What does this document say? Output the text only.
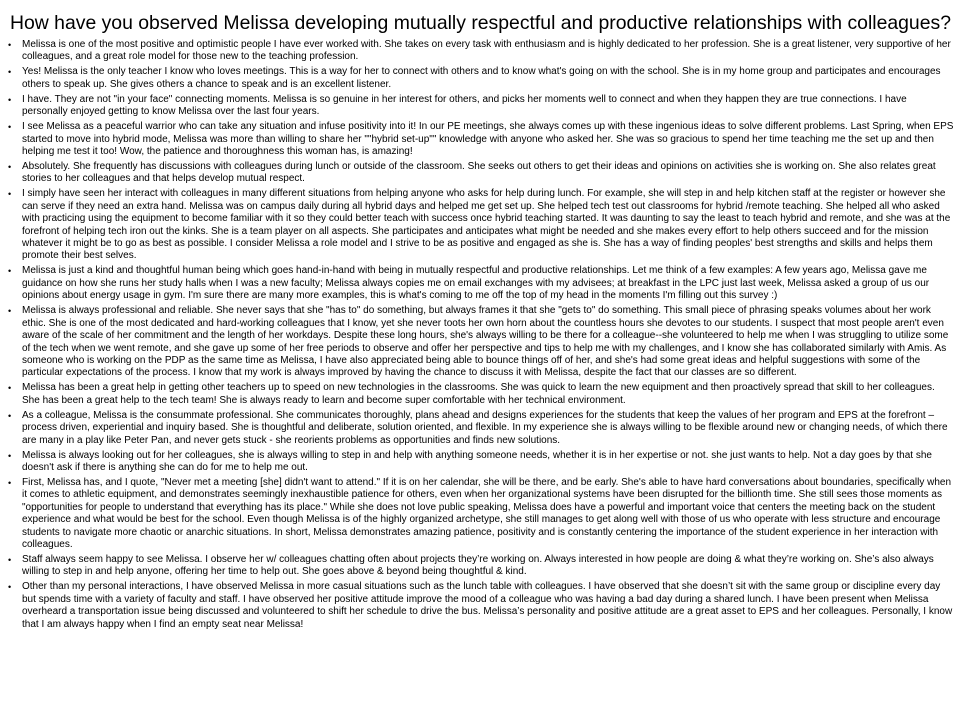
How have you observed Melissa developing mutually respectful and productive relationships with colleagues?
• Melissa is one of the most positive and optimistic people I have ever worked with. She takes on every task with enthusiasm and is highly dedicated to her profession. She is a great listener, very supportive of her colleagues, and a great role model for those new to the teaching profession.
• Yes! Melissa is the only teacher I know who loves meetings. This is a way for her to connect with others and to know what's going on with the school. She is in my home group and participates and encourages others to speak up. She gives others a chance to speak and is an excellent listener.
• I have. They are not "in your face" connecting moments. Melissa is so genuine in her interest for others, and picks her moments well to connect and when they happen they are true connections. I have personally enjoyed getting to know Melissa over the last four years.
• I see Melissa as a peaceful warrior who can take any situation and infuse positivity into it! In our PE meetings, she always comes up with these ingenious ideas to solve different problems. Last Spring, when EPS started to move into hybrid mode, Melissa was more than willing to share her ""hybrid set-up"" knowledge with anyone who asked her. She was so gracious to spend her time teaching me the set up and then helping me test it too! Wow, the patience and thoroughness this woman has, is amazing!
• Absolutely. She frequently has discussions with colleagues during lunch or outside of the classroom. She seeks out others to get their ideas and opinions on activities she is working on. She also relates great stories to her colleagues and that helps develop mutual respect.
• I simply have seen her interact with colleagues in many different situations from helping anyone who asks for help during lunch. For example, she will step in and help kitchen staff at the register or however she can serve if they need an extra hand. Melissa was on campus daily during all hybrid days and helped me get set up. She helped tech test out classrooms for hybrid /remote teaching. She helped all who asked with practicing using the equipment to become familiar with it so they could better teach with success once hybrid teaching started. It was daunting to say the least to teach hybrid and remote, and she was at the forefront of helping tech iron out the kinks. She is a team player on all aspects. She participates and anticipates what might be needed and she makes every effort to help others succeed and for the mission whatever it might be to go as best as possible. I consider Melissa a role model and I strive to be as positive and engaged as she is. She has a way of finding peoples' best strengths and skills and helps them promote their best selves.
• Melissa is just a kind and thoughtful human being which goes hand-in-hand with being in mutually respectful and productive relationships. Let me think of a few examples: A few years ago, Melissa gave me guidance on how she runs her study halls when I was a new faculty; Melissa always copies me on email exchanges with my advisees; at breakfast in the LPC just last week, Melissa asked a group of us our opinions about energy usage in gym. I'm sure there are many more examples, this is what's coming to me off the top of my head in the moments I'm filling out this survey :)
• Melissa is always professional and reliable. She never says that she "has to" do something, but always frames it that she "gets to" do something. This small piece of phrasing speaks volumes about her work ethic. She is one of the most dedicated and hard-working colleagues that I know, yet she never toots her own horn about the countless hours she devotes to our students. I suspect that most people aren't even aware of the scale of her commitment and the length of her workdays. Despite these long hours, she's always willing to be there for a colleague--she volunteered to help me when I was struggling to utilize some of the tech when we went remote, and she gave up some of her free periods to observe and offer her perspective and tips to help me with my challenges, and I know she has collaborated similarly with Amis. As someone who is working on the PDP as the same time as Melissa, I have also appreciated being able to bounce things off of her, and she's had some great ideas and helpful suggestions with some of the particular expectations of the process. I know that my work is always improved by having the chance to discuss it with Melissa, despite the fact that our classes are so different.
• Melissa has been a great help in getting other teachers up to speed on new technologies in the classrooms. She was quick to learn the new equipment and then proactively spread that skill to her colleagues. She has been a great help to the tech team! She is always ready to learn and become super comfortable with her technical environment.
• As a colleague, Melissa is the consummate professional. She communicates thoroughly, plans ahead and designs experiences for the students that keep the values of her program and EPS at the forefront – process driven, experiential and inquiry based. She is thoughtful and deliberate, solution oriented, and flexible. In my experience she is always willing to be flexible around new or changing needs, of which there are many in a play like Peter Pan, and never gets stuck - she reorients problems as opportunities and finds new solutions.
• Melissa is always looking out for her colleagues, she is always willing to step in and help with anything someone needs, whether it is in her expertise or not. she just wants to help. Not a day goes by that she doesn't ask if there is anything she can do for me to help me out.
• First, Melissa has, and I quote, "Never met a meeting [she] didn't want to attend." If it is on her calendar, she will be there, and be early. She's able to have hard conversations about boundaries, specifically when it comes to athletic equipment, and demonstrates seemingly inexhaustible patience for others, even when her organizational systems have been disrupted for the billionth time. She still sees those moments as "opportunities for people to understand that everything has its place." While she does not love public speaking, Melissa does have a powerful and important voice that centers the meeting back on the student experience and what would be best for the school. Even though Melissa is of the highly organized archetype, she still manages to get along well with those of us who operate with less structure and encourage students to navigate more chaotic or anarchic situations. In short, Melissa demonstrates amazing patience, positivity and is constantly centering the importance of the student experience in her interaction with colleagues.
• Staff always seem happy to see Melissa. I observe her w/ colleagues chatting often about projects they’re working on. Always interested in how people are doing & what they’re working on. She’s also always willing to step in and help anyone, offering her time to help out. She goes above & beyond being thoughtful & kind.
• Other than my personal interactions, I have observed Melissa in more casual situations such as the lunch table with colleagues. I have observed that she doesn’t sit with the same group or discipline every day but spends time with a variety of faculty and staff. I have observed her positive attitude improve the mood of a colleague who was having a bad day during a shared lunch. I have been present when Melissa overheard a transportation issue being discussed and volunteered to shift her schedule to drive the bus. Melissa’s personality and positive attitude are a great asset to EPS and her colleagues. Personally, I know that I am always happy when I find an empty seat near Melissa!
